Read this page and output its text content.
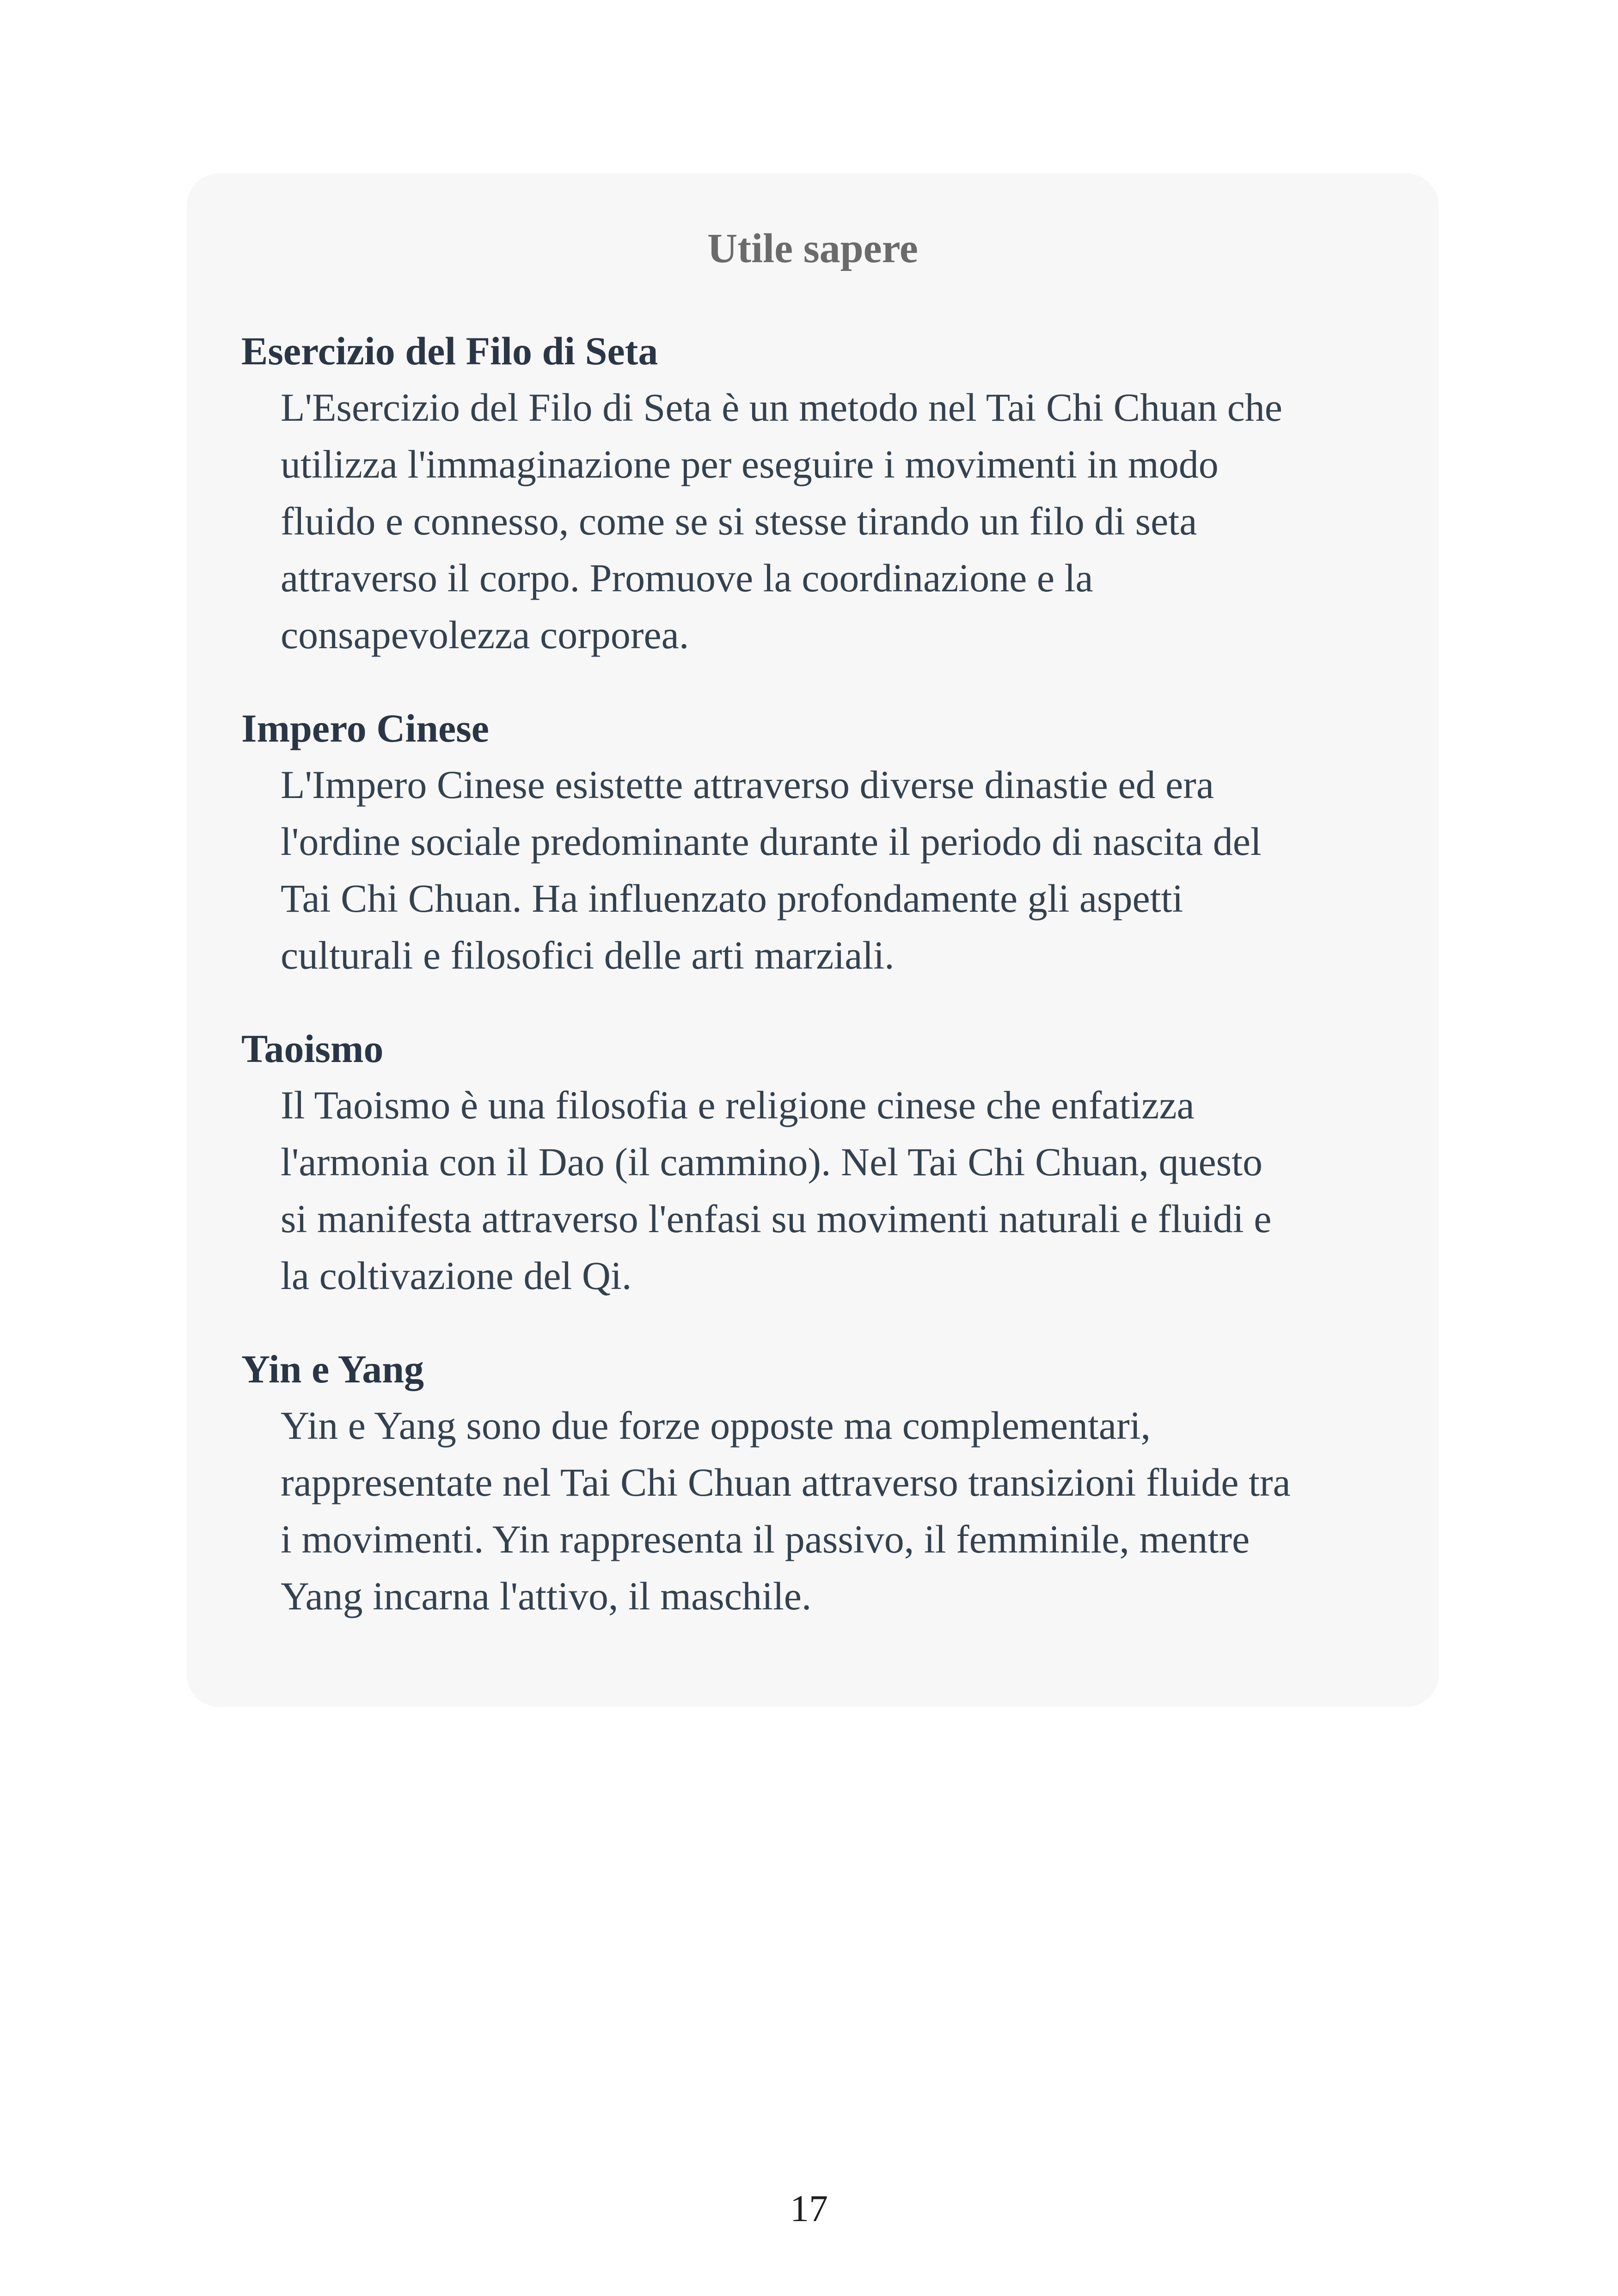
Utile sapere
Esercizio del Filo di Seta
L'Esercizio del Filo di Seta è un metodo nel Tai Chi Chuan che
utilizza l'immaginazione per eseguire i movimenti in modo
fluido e connesso, come se si stesse tirando un filo di seta
attraverso il corpo. Promuove la coordinazione e la
consapevolezza corporea.
Impero Cinese
L'Impero Cinese esistette attraverso diverse dinastie ed era
l'ordine sociale predominante durante il periodo di nascita del
Tai Chi Chuan. Ha influenzato profondamente gli aspetti
culturali e filosofici delle arti marziali.
Taoismo
Il Taoismo è una filosofia e religione cinese che enfatizza
l'armonia con il Dao (il cammino). Nel Tai Chi Chuan, questo
si manifesta attraverso l'enfasi su movimenti naturali e fluidi e
la coltivazione del Qi.
Yin e Yang
Yin e Yang sono due forze opposte ma complementari,
rappresentate nel Tai Chi Chuan attraverso transizioni fluide tra
i movimenti. Yin rappresenta il passivo, il femminile, mentre
Yang incarna l'attivo, il maschile.
17
